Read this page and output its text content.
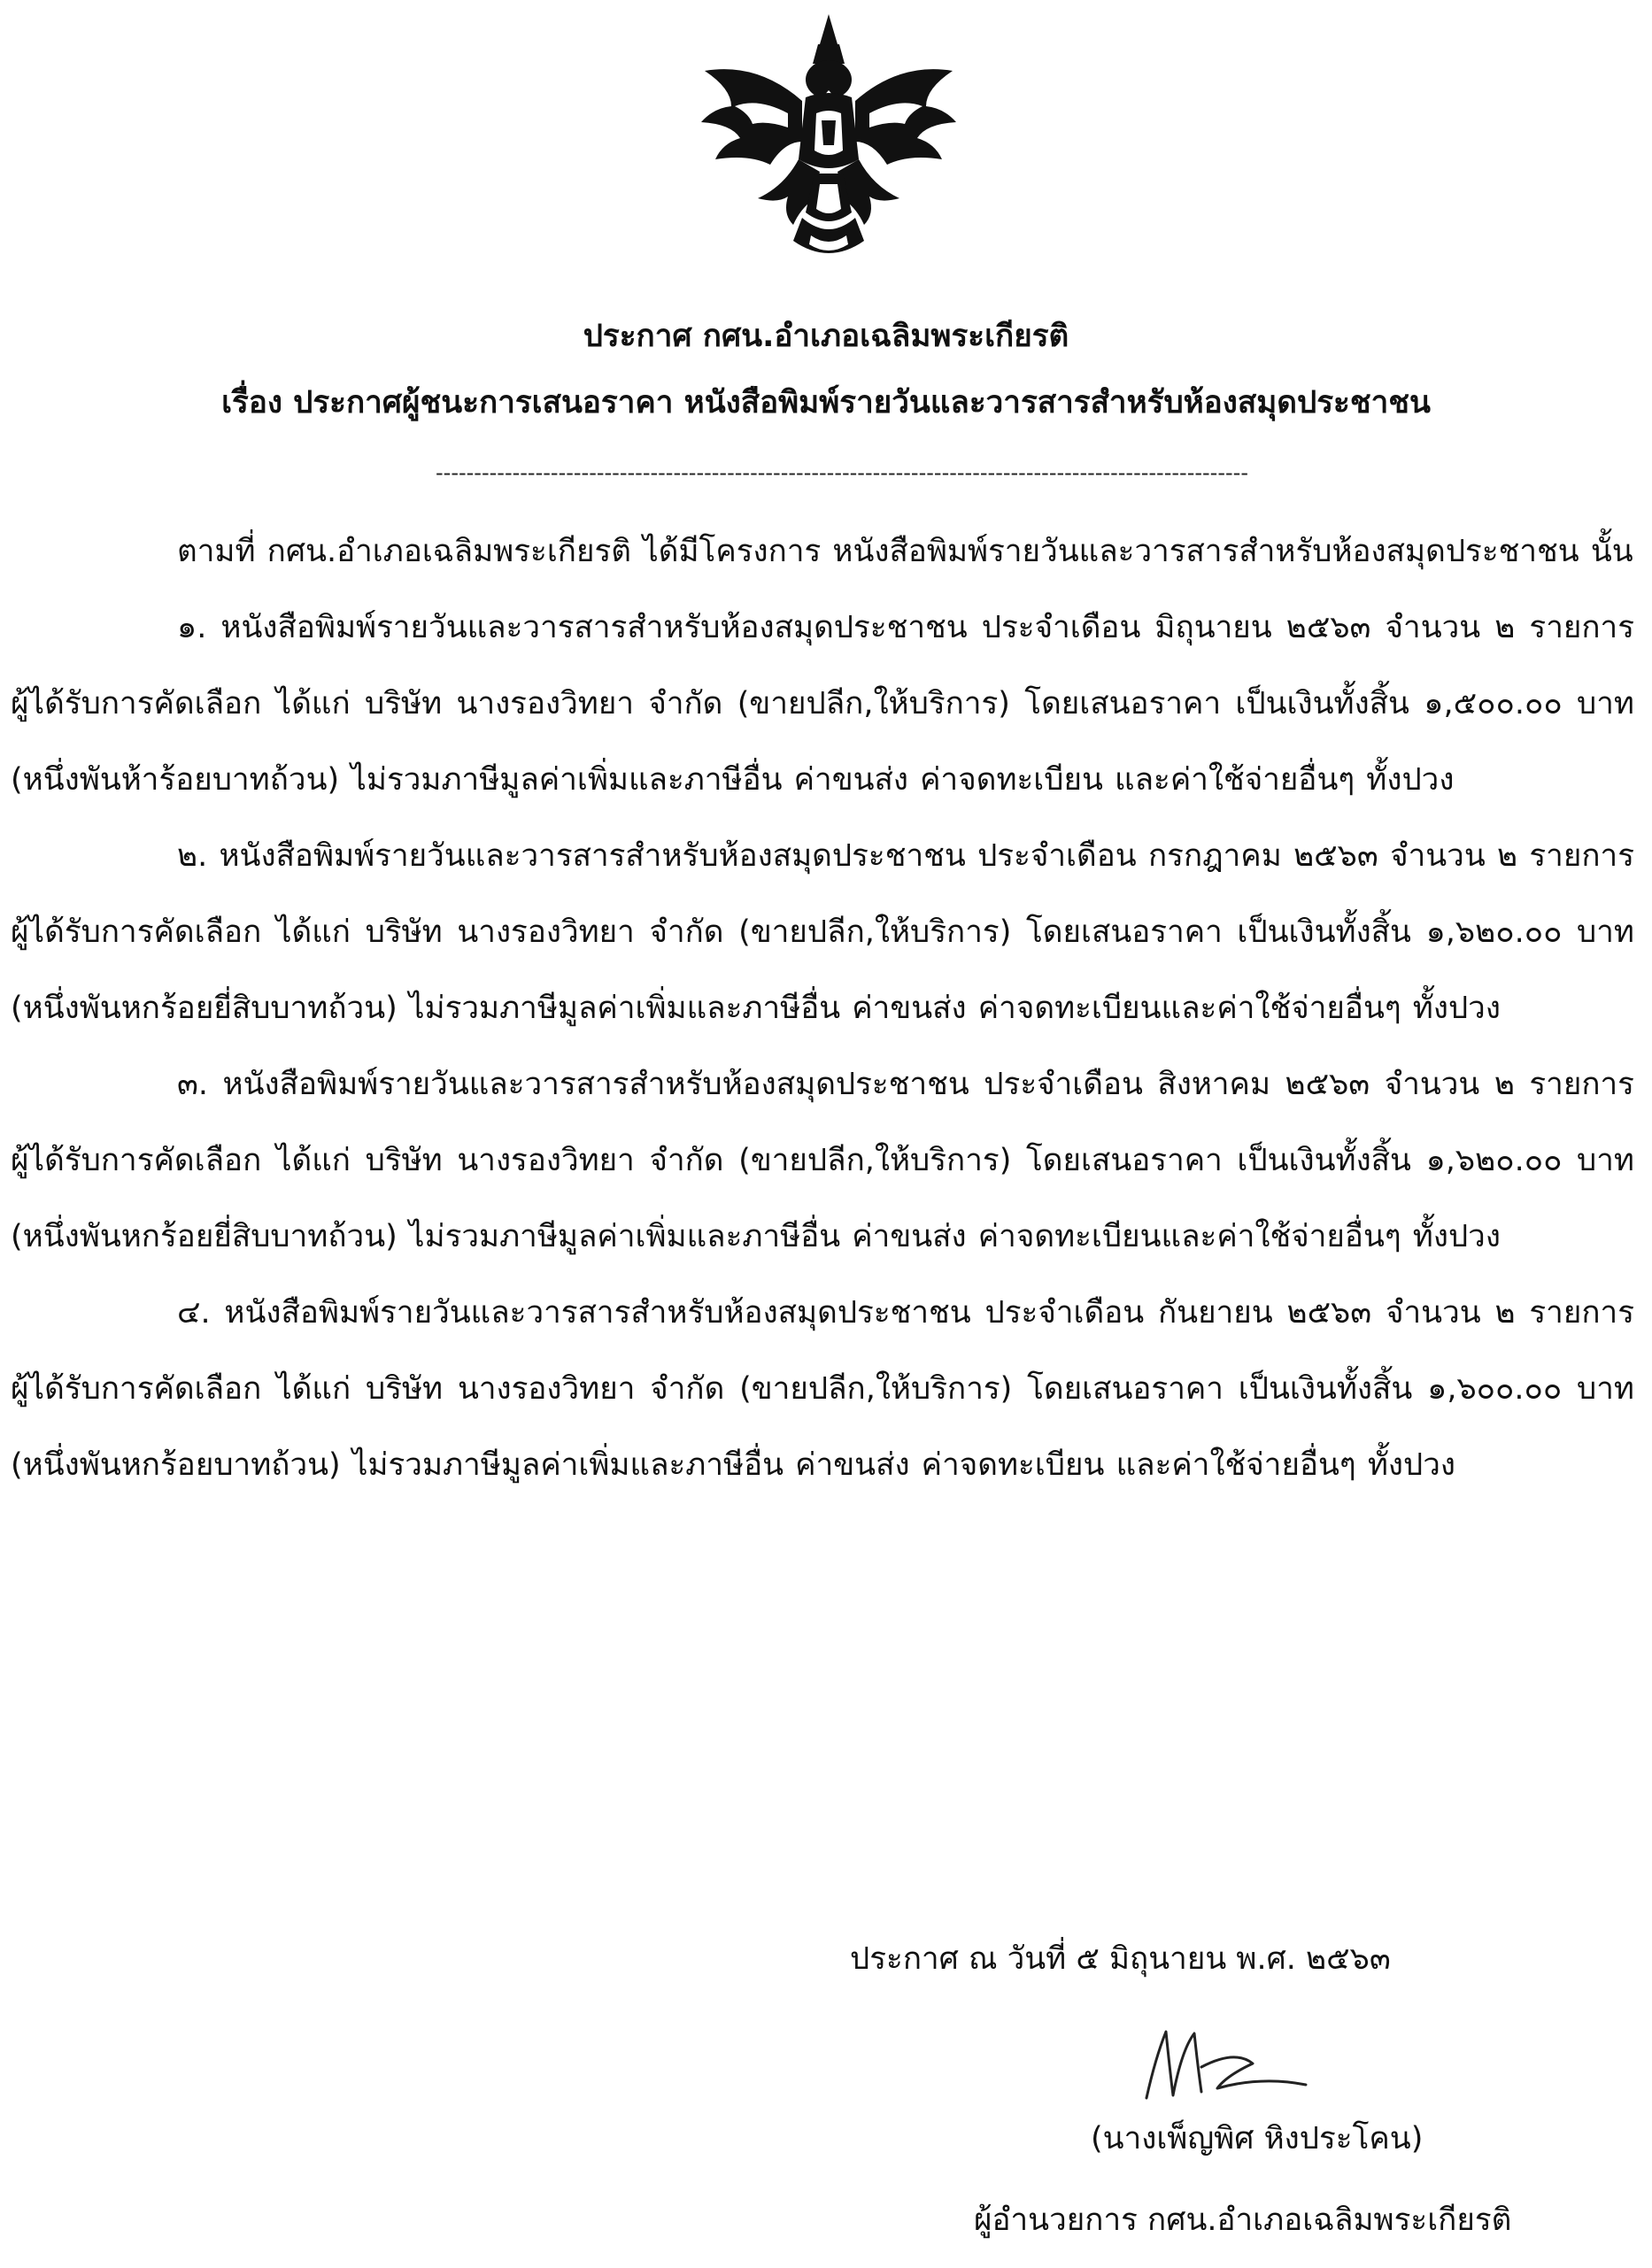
ประกาศ กศน.อำเภอเฉลิมพระเกียรติ
เรื่อง ประกาศผู้ชนะการเสนอราคา หนังสือพิมพ์รายวันและวารสารสำหรับห้องสมุดประชาชน
----------------------------------------------------------------------------------------------------------

ตามที่ กศน.อำเภอเฉลิมพระเกียรติ ได้มีโครงการ หนังสือพิมพ์รายวันและวารสารสำหรับห้องสมุดประชาชน นั้น

๑. หนังสือพิมพ์รายวันและวารสารสำหรับห้องสมุดประชาชน ประจำเดือน มิถุนายน ๒๕๖๓ จำนวน ๒ รายการ ผู้ได้รับการคัดเลือก ได้แก่ บริษัท นางรองวิทยา จำกัด (ขายปลีก,ให้บริการ) โดยเสนอราคา เป็นเงินทั้งสิ้น ๑,๕๐๐.๐๐ บาท (หนึ่งพันห้าร้อยบาทถ้วน) ไม่รวมภาษีมูลค่าเพิ่มและภาษีอื่น ค่าขนส่ง ค่าจดทะเบียน และค่าใช้จ่ายอื่นๆ ทั้งปวง

๒. หนังสือพิมพ์รายวันและวารสารสำหรับห้องสมุดประชาชน ประจำเดือน กรกฎาคม ๒๕๖๓ จำนวน ๒ รายการ ผู้ได้รับการคัดเลือก ได้แก่ บริษัท นางรองวิทยา จำกัด (ขายปลีก,ให้บริการ) โดยเสนอราคา เป็นเงินทั้งสิ้น ๑,๖๒๐.๐๐ บาท (หนึ่งพันหกร้อยยี่สิบบาทถ้วน) ไม่รวมภาษีมูลค่าเพิ่มและภาษีอื่น ค่าขนส่ง ค่าจดทะเบียนและค่าใช้จ่ายอื่นๆ ทั้งปวง

๓. หนังสือพิมพ์รายวันและวารสารสำหรับห้องสมุดประชาชน ประจำเดือน สิงหาคม ๒๕๖๓ จำนวน ๒ รายการ ผู้ได้รับการคัดเลือก ได้แก่ บริษัท นางรองวิทยา จำกัด (ขายปลีก,ให้บริการ) โดยเสนอราคา เป็นเงินทั้งสิ้น ๑,๖๒๐.๐๐ บาท (หนึ่งพันหกร้อยยี่สิบบาทถ้วน) ไม่รวมภาษีมูลค่าเพิ่มและภาษีอื่น ค่าขนส่ง ค่าจดทะเบียนและค่าใช้จ่ายอื่นๆ ทั้งปวง

๔. หนังสือพิมพ์รายวันและวารสารสำหรับห้องสมุดประชาชน ประจำเดือน กันยายน ๒๕๖๓ จำนวน ๒ รายการ ผู้ได้รับการคัดเลือก ได้แก่ บริษัท นางรองวิทยา จำกัด (ขายปลีก,ให้บริการ) โดยเสนอราคา เป็นเงินทั้งสิ้น ๑,๖๐๐.๐๐ บาท (หนึ่งพันหกร้อยบาทถ้วน) ไม่รวมภาษีมูลค่าเพิ่มและภาษีอื่น ค่าขนส่ง ค่าจดทะเบียน และค่าใช้จ่ายอื่นๆ ทั้งปวง

ประกาศ ณ วันที่ ๕ มิถุนายน พ.ศ. ๒๕๖๓
(นางเพ็ญพิศ หิงประโคน)
ผู้อำนวยการ กศน.อำเภอเฉลิมพระเกียรติ
